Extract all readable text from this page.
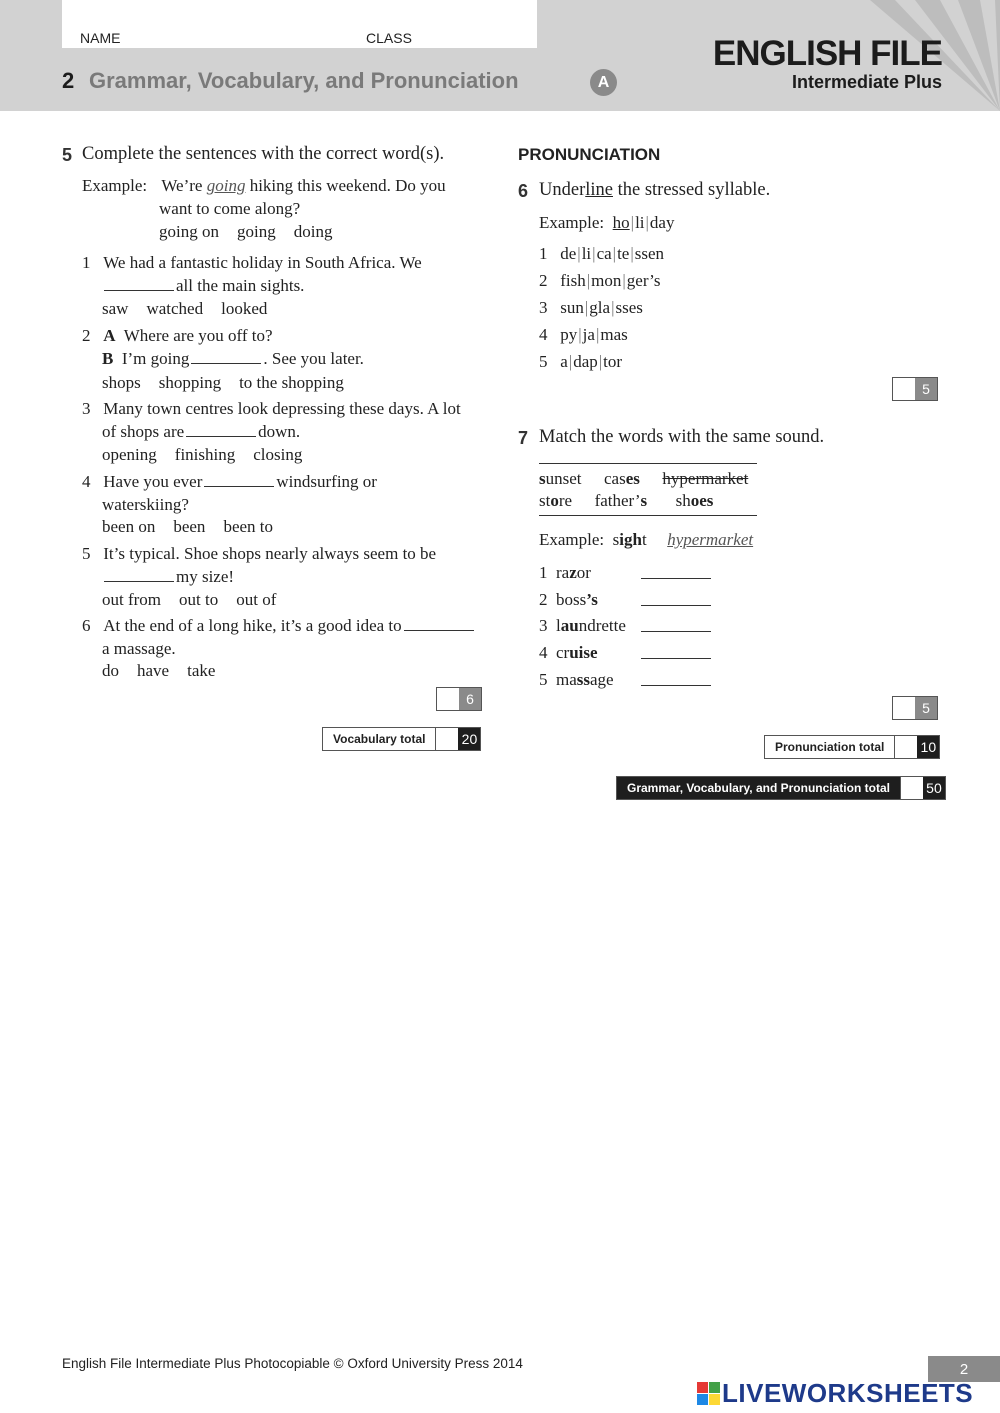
NAME	CLASS
2 Grammar, Vocabulary, and Pronunciation	A
ENGLISH FILE
Intermediate Plus
5 Complete the sentences with the correct word(s).
Example: We’re going hiking this weekend. Do you
want to come along?
going on going doing
1 We had a fantastic holiday in South Africa. We
all the main sights.
saw watched looked
2 A Where are you off to?
B I’m going	. See you later.
shops shopping to the shopping
3 Many town centres look depressing these days. A lot
of shops are	down.
opening finishing closing
4 Have you ever	windsurfing or
waterskiing?
been on been been to
5 It’s typical. Shoe shops nearly always seem to be
my size!
out from out to out of
6 At the end of a long hike, it’s a good idea to
a massage.
do have take
6
Vocabulary total	20
PRONUNCIATION
6 Underline the stressed syllable.
Example: ho|li|day
1 de|li|ca|te|ssen
2 fish|mon|ger’s
3 sun|gla|sses
4 py|ja|mas
5 a|dap|tor
5
7 Match the words with the same sound.
sunset cases hypermarket
store father’s shoes
Example: sight hypermarket
1 razor
2 boss’s
3 laundrette
4 cruise
5 massage
5
Pronunciation total	10
Grammar, Vocabulary, and Pronunciation total	50
English File Intermediate Plus Photocopiable © Oxford University Press 2014	2
LIVEWORKSHEETS
